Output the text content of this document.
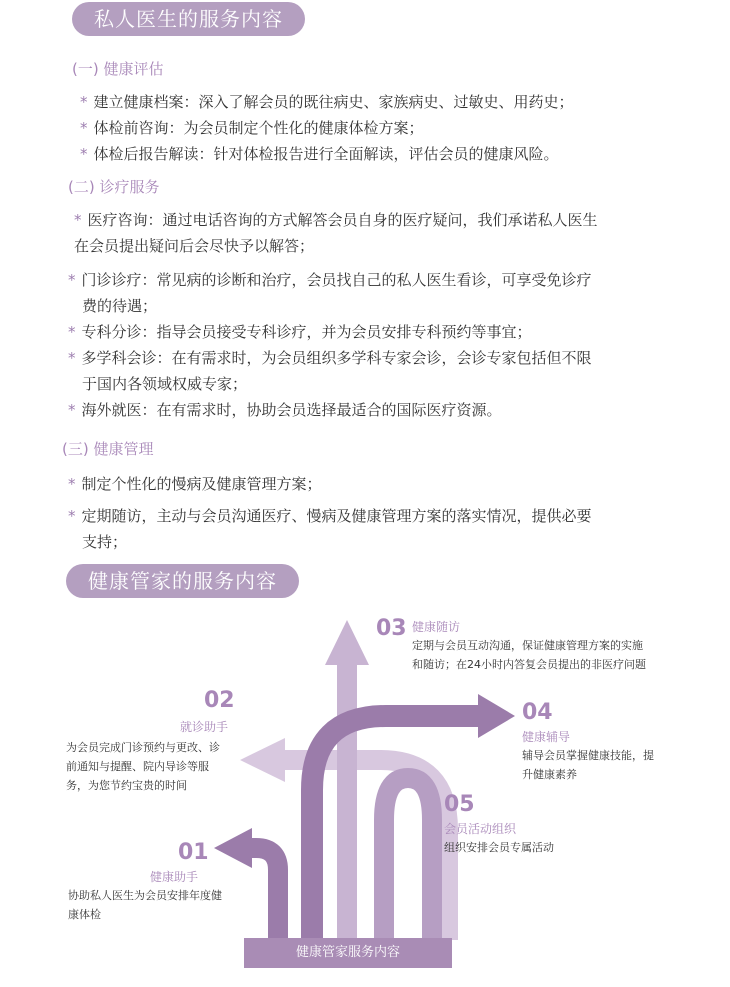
私人医生的服务内容
(一) 健康评估
* 建立健康档案：深入了解会员的既往病史、家族病史、过敏史、用药史；
* 体检前咨询：为会员制定个性化的健康体检方案；
* 体检后报告解读：针对体检报告进行全面解读，评估会员的健康风险。
(二) 诊疗服务
* 医疗咨询：通过电话咨询的方式解答会员自身的医疗疑问，我们承诺私人医生
在会员提出疑问后会尽快予以解答；
* 门诊诊疗：常见病的诊断和治疗，会员找自己的私人医生看诊，可享受免诊疗
费的待遇；
* 专科分诊：指导会员接受专科诊疗，并为会员安排专科预约等事宜；
* 多学科会诊：在有需求时，为会员组织多学科专家会诊，会诊专家包括但不限
于国内各领域权威专家；
* 海外就医：在有需求时，协助会员选择最适合的国际医疗资源。
(三) 健康管理
* 制定个性化的慢病及健康管理方案；
* 定期随访，主动与会员沟通医疗、慢病及健康管理方案的落实情况，提供必要
支持；
健康管家的服务内容
健康管家服务内容
01
健康助手
协助私人医生为会员安排年度健
康体检
02
就诊助手
为会员完成门诊预约与更改、诊
前通知与提醒、院内导诊等服
务，为您节约宝贵的时间
03 健康随访
定期与会员互动沟通，保证健康管理方案的实施
和随访；在24小时内答复会员提出的非医疗问题
04
健康辅导
辅导会员掌握健康技能，提
升健康素养
05
会员活动组织
组织安排会员专属活动
